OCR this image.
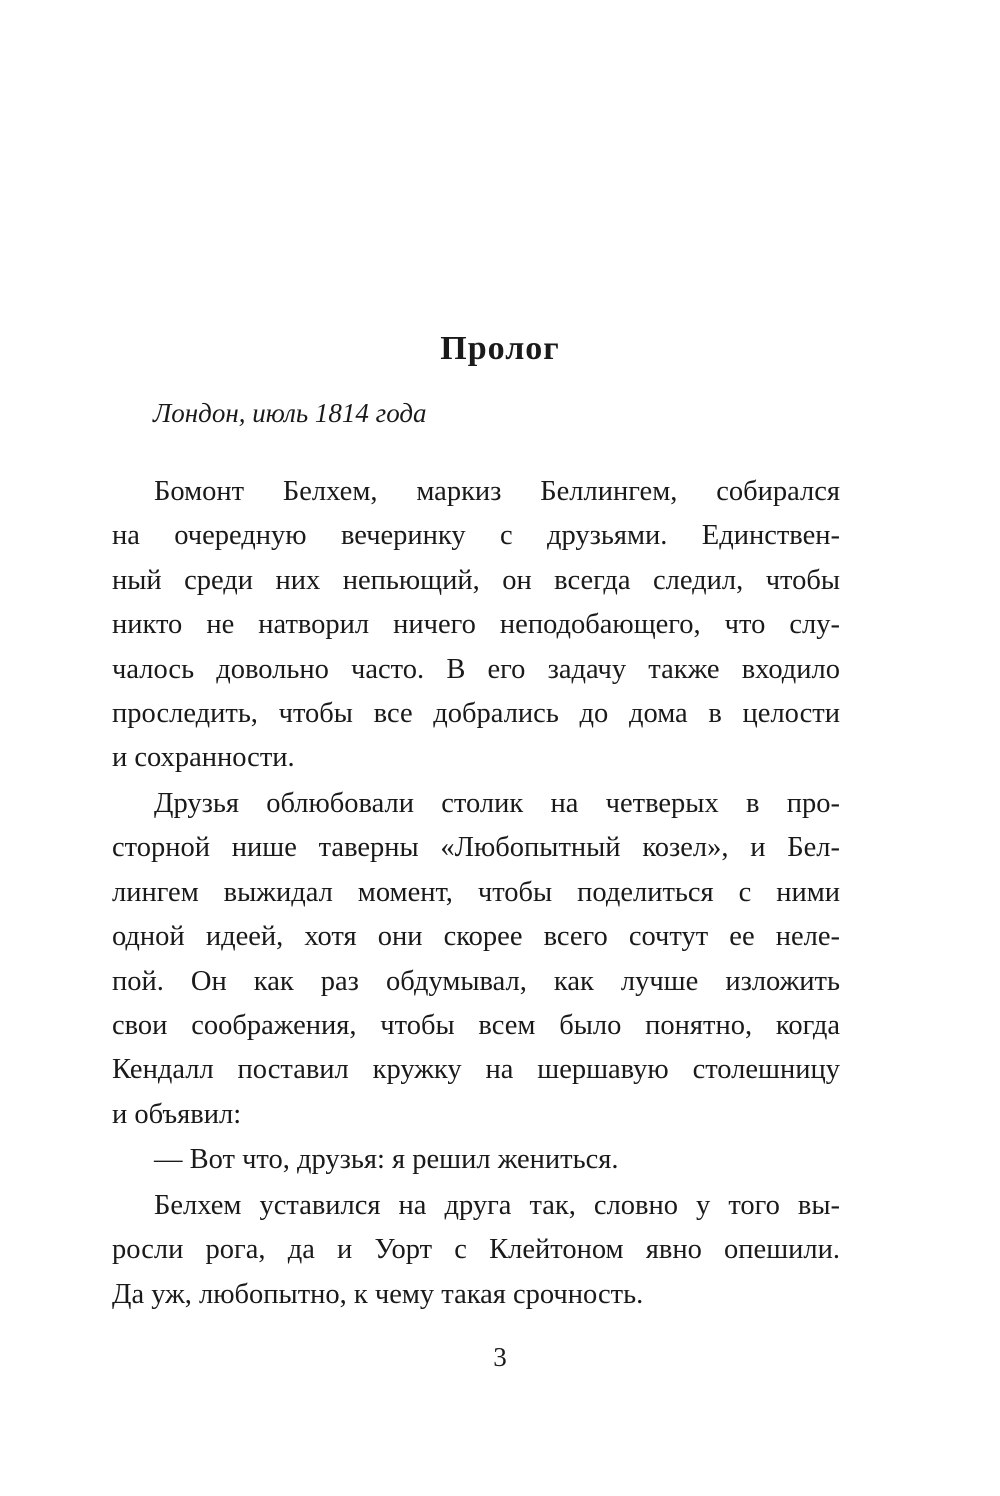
Пролог

Лондон, июль 1814 года

Бомонт Белхем, маркиз Беллингем, собирался
на очередную вечеринку с друзьями. Единствен-
ный среди них непьющий, он всегда следил, чтобы
никто не натворил ничего неподобающего, что слу-
чалось довольно часто. В его задачу также входило
проследить, чтобы все добрались до дома в целости
и сохранности.
Друзья облюбовали столик на четверых в про-
сторной нише таверны «Любопытный козел», и Бел-
лингем выжидал момент, чтобы поделиться с ними
одной идеей, хотя они скорее всего сочтут ее неле-
пой. Он как раз обдумывал, как лучше изложить
свои соображения, чтобы всем было понятно, когда
Кендалл поставил кружку на шершавую столешницу
и объявил:
— Вот что, друзья: я решил жениться.
Белхем уставился на друга так, словно у того вы-
росли рога, да и Уорт с Клейтоном явно опешили.
Да уж, любопытно, к чему такая срочность.

3
